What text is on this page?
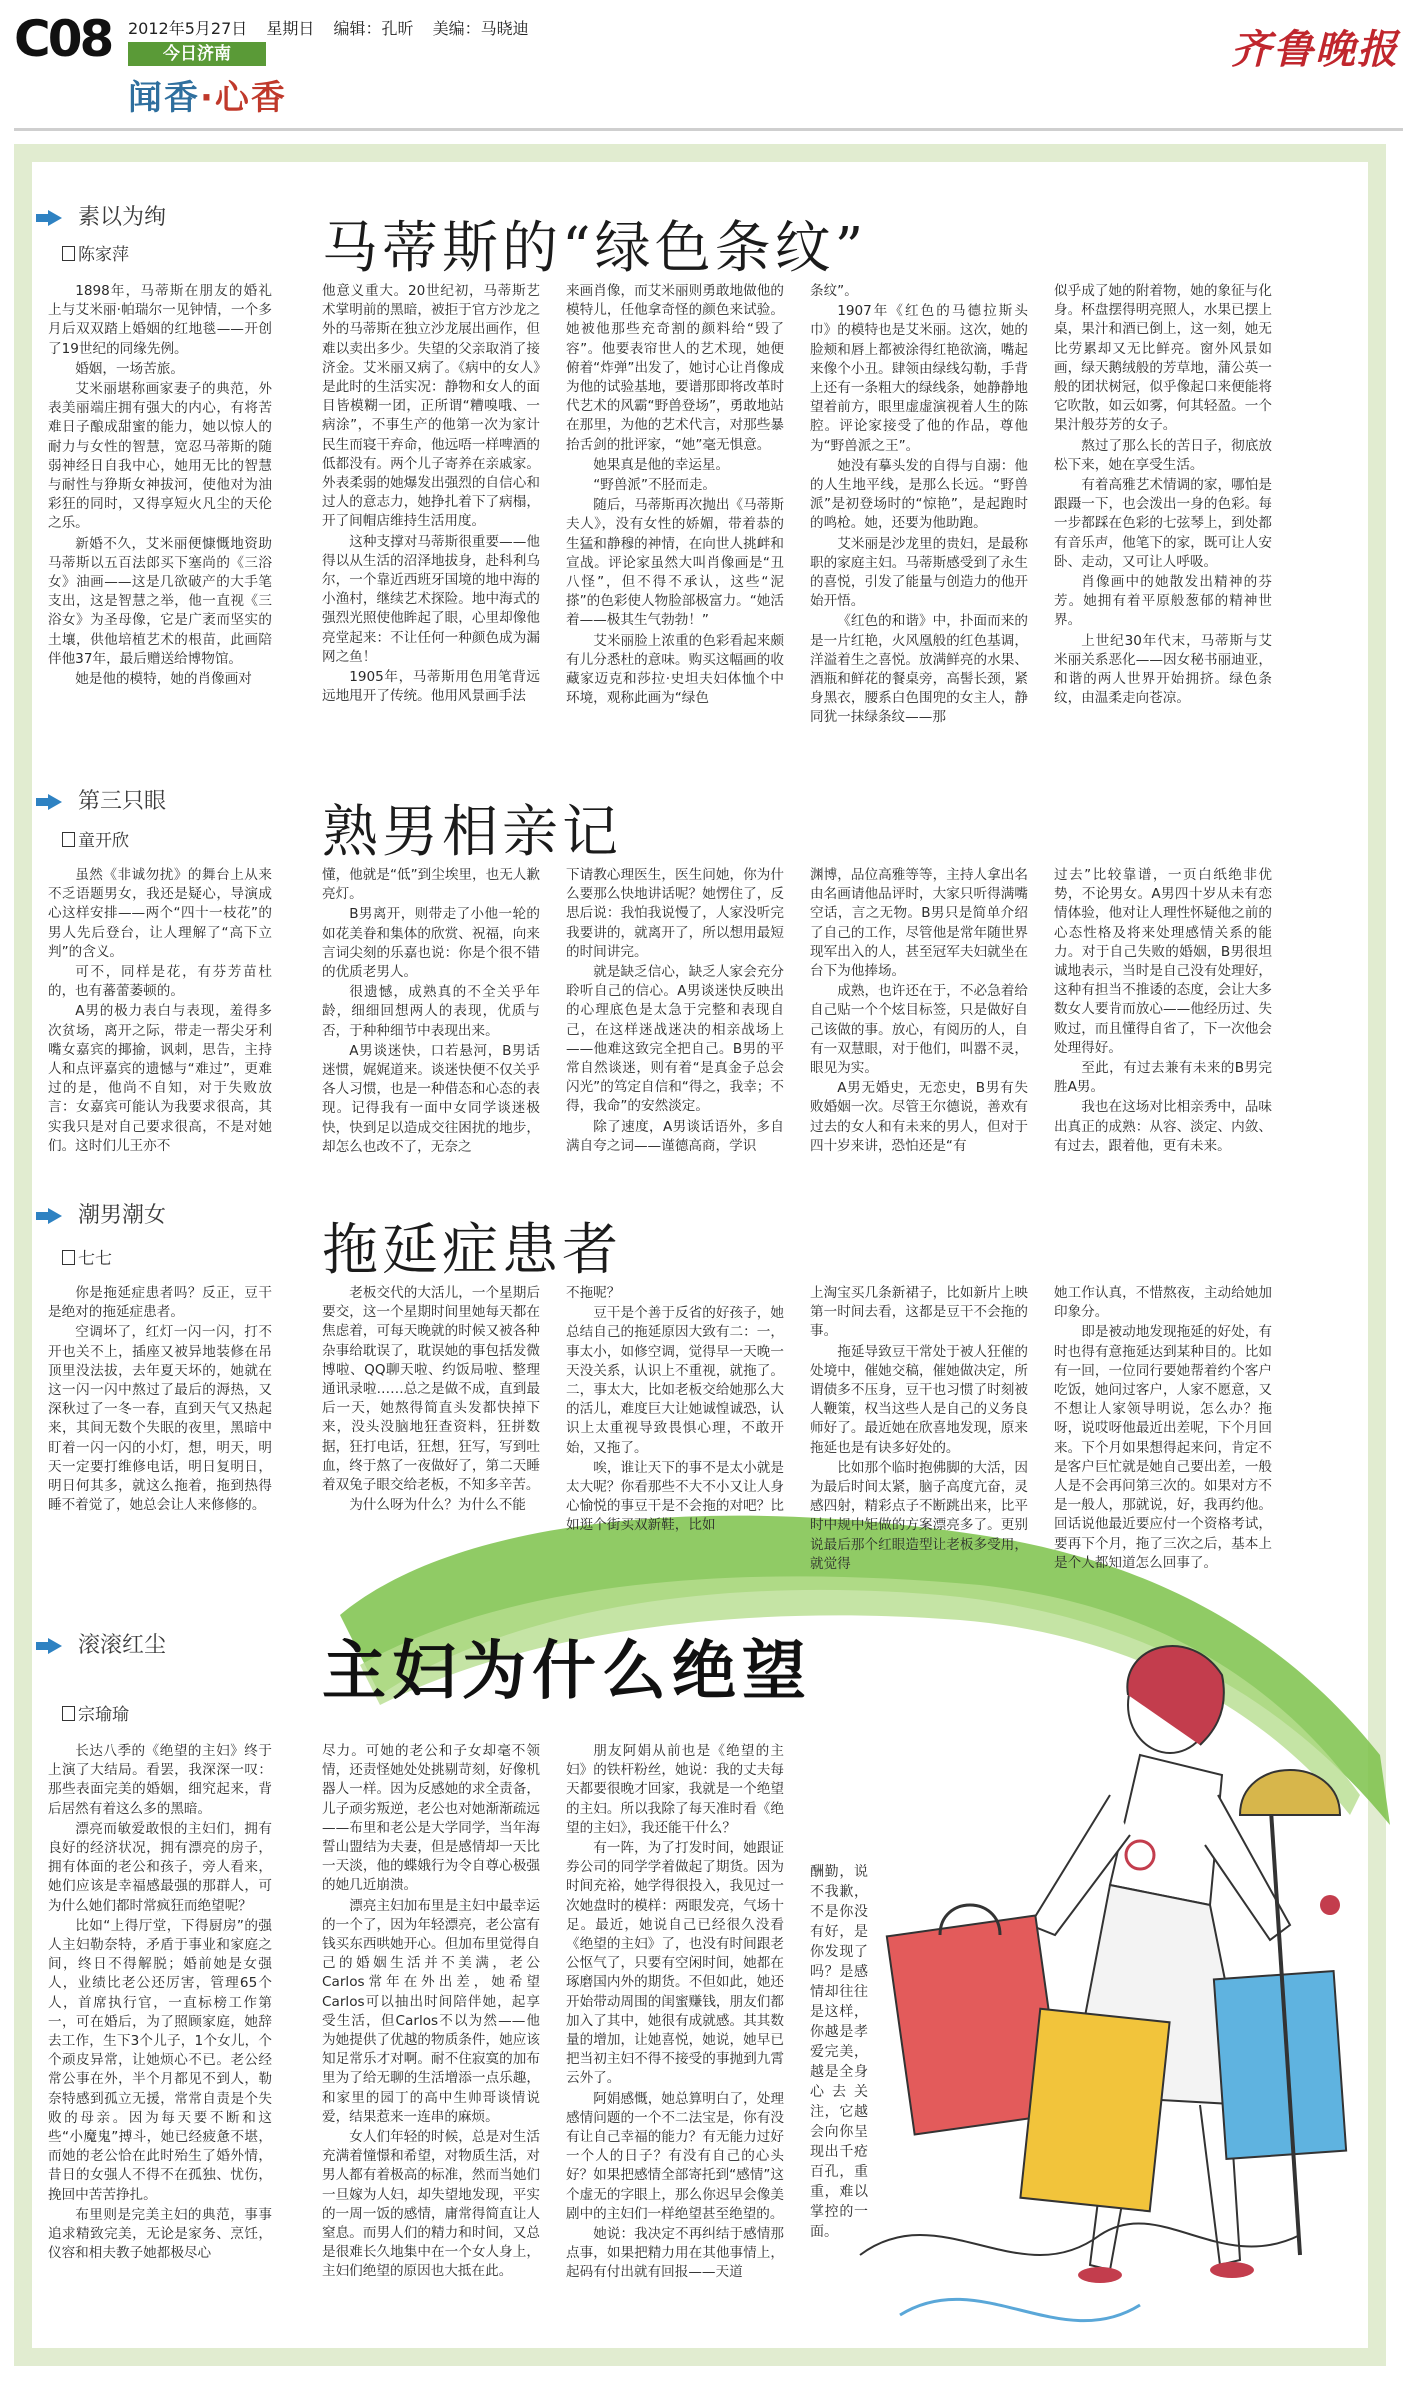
C08 2012年5月27日 星期日 编辑：孔昕 美编：马晓迪
今日济南
闻香·心香
齐鲁晚报
素以为绚
陈家萍	马蒂斯的“绿色条纹”

1898年，马蒂斯在朋友的婚礼上与艾米丽·帕瑞尔一见钟情，一个多月后双双踏上婚姻的红地毯——开创了19世纪的同缘先例。

婚姻，一场苦旅。

艾米丽堪称画家妻子的典范，外表美丽端庄拥有强大的内心，有将苦难日子酿成甜蜜的能力，她以惊人的耐力与女性的智慧，宽忍马蒂斯的随弱神经日自我中心，她用无比的智慧与耐性与狰斯女神拔河，使他对为油彩狂的同时，又得享短火凡尘的天伦之乐。

新婚不久，艾米丽便慷慨地资助马蒂斯以五百法郎买下塞尚的《三浴女》油画——这是几欲破产的大手笔支出，这是智慧之举，他一直视《三浴女》为圣母像，它是广袤而坚实的土壤，供他培植艺术的根苗，此画陪伴他37年，最后赠送给博物馆。

她是他的模特，她的肖像画对

他意义重大。20世纪初，马蒂斯艺术掌明前的黑暗，被拒于官方沙龙之外的马蒂斯在独立沙龙展出画作，但难以卖出多少。失望的父亲取消了接济金。艾米丽又病了。《病中的女人》是此时的生活实况：静物和女人的面目皆模糊一团，正所谓“糟嗅哦、一病涂”，不事生产的他第一次为家计民生而寝干弃命，他远唔一样啤酒的低都没有。两个儿子寄养在亲戚家。外表柔弱的她爆发出强烈的自信心和过人的意志力，她挣扎着下了病榻，开了间帽店维持生活用度。

这种支撑对马蒂斯很重要——他得以从生活的沼泽地拔身，赴科利乌尔，一个靠近西班牙国境的地中海的小渔村，继续艺术探险。地中海式的强烈光照使他眸起了眼，心里却像他亮堂起来：不让任何一种颜色成为漏网之鱼！

1905年，马蒂斯用色用笔背远远地甩开了传统。他用风景画手法

来画肖像，而艾米丽则勇敢地做他的模特儿，任他拿奇怪的颜色来试验。她被他那些充奇割的颜料给“毁了容”。他要表帘世人的艺术现，她便俯着“炸弹”出发了，她讨心让肖像成为他的试验基地，要谱那即将改革时代艺术的风霸“野兽登场”，勇敢地站在那里，为他的艺术代言，对那些暴抬舌剑的批评家，“她”毫无惧意。

她果真是他的幸运星。

“野兽派”不胫而走。

随后，马蒂斯再次抛出《马蒂斯夫人》，没有女性的娇媚，带着恭的生猛和静穆的神情，在向世人挑衅和宣战。评论家虽然大叫肖像画是“丑八怪”，但不得不承认，这些“泥搽”的色彩使人物脸部极富力。“她活着——极其生气勃勃！”

艾米丽脸上浓重的色彩看起来颇有儿分悉杜的意味。购买这幅画的收藏家迈克和莎拉·史坦夫妇体恤个中环境，观称此画为“绿色

条纹”。

1907年《红色的马德拉斯头巾》的模特也是艾米丽。这次，她的脸颊和唇上都被涂得红艳欲滴，嘴起来像个小丑。肆领由绿线勾勒，手背上还有一条粗大的绿线条，她静静地望着前方，眼里虚虚演视着人生的陈腔。评论家接受了他的作品，尊他为“野兽派之王”。

她没有摹头发的自得与自溺：他的人生地平线，是那么长远。“野兽派”是初登场时的“惊艳”，是起跑时的鸣枪。她，还要为他助跑。

艾米丽是沙龙里的贵妇，是最称职的家庭主妇。马蒂斯感受到了永生的喜悦，引发了能量与创造力的他开始开悟。

《红色的和谐》中，扑面而来的是一片红艳，火风凰般的红色基调，洋溢着生之喜悦。放满鲜亮的水果、酒瓶和鲜花的餐桌旁，高髻长颈，紧身黑衣，腰系白色围兜的女主人，静同犹一抹绿条纹——那

似乎成了她的附着物，她的象征与化身。杯盘摆得明亮照人，水果已摆上桌，果汁和酒已倒上，这一刻，她无比劳累却又无比鲜亮。窗外风景如画，绿天鹅绒般的芳草地，蒲公英一般的团状树冠，似乎像起口来便能将它吹散，如云如雾，何其轻盈。一个果汁般芬芳的女子。

熬过了那么长的苦日子，彻底放松下来，她在享受生活。

有着高雅艺术情调的家，哪怕是跟蹑一下，也会泼出一身的色彩。每一步都踩在色彩的七弦琴上，到处都有音乐声，他笔下的家，既可让人安卧、走动，又可让人呼吸。

肖像画中的她散发出精神的芬芳。她拥有着平原般葱郁的精神世界。

上世纪30年代末，马蒂斯与艾米丽关系恶化——因女秘书丽迪亚，和谐的两人世界开始拥挤。绿色条纹，由温柔走向苍凉。

第三只眼
童开欣	熟男相亲记

虽然《非诚勿扰》的舞台上从来不乏语题男女，我还是疑心，导演成心这样安排——两个“四十一枝花”的男人先后登台，让人理解了“高下立判”的含义。

可不，同样是花，有芬芳苗杜的，也有蕃蕾萎顿的。

A男的极力表白与表现，羞得多次贫场，离开之际，带走一帮尖牙利嘴女嘉宾的揶揄，讽刺，思告，主持人和点评嘉宾的遗憾与“难过”，更难过的是，他尚不自知，对于失败放言：女嘉宾可能认为我要求很高，其实我只是对自己要求很高，不是对她们。这时们儿王亦不

懂，他就是“低”到尘埃里，也无人歉亮灯。

B男离开，则带走了小他一轮的如花美眷和集体的欣赏、祝福，向来言词尖刻的乐嘉也说：你是个很不错的优质老男人。

很遗憾，成熟真的不全关乎年龄，细细回想两人的表现，优质与否，于种种细节中表现出来。

A男谈迷快，口若悬河，B男话迷惯，娓娓道来。谈迷快便不仅关乎各人习惯，也是一种借态和心态的表现。记得我有一面中女同学谈迷极快，快到足以造成交往困扰的地步，却怎么也改不了，无奈之

下请教心理医生，医生问她，你为什么要那么快地讲话呢？她愣住了，反思后说：我怕我说慢了，人家没听完我要讲的，就离开了，所以想用最短的时间讲完。

就是缺乏信心，缺乏人家会充分聆听自己的信心。A男谈迷快反映出的心理底色是太急于完整和表现自己，在这样迷战迷决的相亲战场上——他难这致完全把自己。B男的平常自然谈迷，则有着“是真金子总会闪光”的笃定自信和“得之，我幸；不得，我命”的安然淡定。

除了速度，A男谈话语外，多自满自夸之词——谨德高商，学识

渊博，品位高雅等等，主持人拿出名由名画请他品评时，大家只听得满嘴空话，言之无物。B男只是简单介绍了自己的工作，尽管他是常年随世界现军出入的人，甚至冠军夫妇就坐在台下为他捧场。

成熟，也许还在于，不必急着给自己贴一个个炫目标签，只是做好自己该做的事。放心，有阅历的人，自有一双慧眼，对于他们，叫嚣不灵，眼见为实。

A男无婚史，无恋史，B男有失败婚姻一次。尽管王尔德说，善欢有过去的女人和有未来的男人，但对于四十岁来讲，恐怕还是“有

过去”比较靠谱，一页白纸绝非优势，不论男女。A男四十岁从未有恋情体验，他对让人理性怀疑他之前的心态性格及将来处理感情关系的能力。对于自己失败的婚姻，B男很坦诚地表示，当时是自己没有处理好，这种有担当不推诿的态度，会让大多数女人要肯而放心——他经历过、失败过，而且懂得自省了，下一次他会处理得好。

至此，有过去兼有未来的B男完胜A男。

我也在这场对比相亲秀中，品味出真正的成熟：从容、淡定、内敛、有过去，跟着他，更有未来。

潮男潮女
七七	拖延症患者

你是拖延症患者吗？反正，豆干是绝对的拖延症患者。

空调坏了，红灯一闪一闪，打不开也关不上，插座又被异地装修在吊顶里没法拔，去年夏天坏的，她就在这一闪一闪中熬过了最后的溽热，又深秋过了一冬一春，直到天气又热起来，其间无数个失眠的夜里，黑暗中盯着一闪一闪的小灯，想，明天，明天一定要打维修电话，明日复明日，明日何其多，就这么拖着，拖到热得睡不着觉了，她总会让人来修修的。

老板交代的大活儿，一个星期后要交，这一个星期时间里她每天都在焦虑着，可每天晚就的时候又被各种杂事给耽误了，耽误她的事包括发微博啦、QQ聊天啦、约饭局啦、整理通讯录啦……总之是做不成，直到最后一天，她熬得简直头发都快掉下来，没头没脑地狂查资料，狂拼数据，狂打电话，狂想，狂写，写到吐血，终于熬了一夜做好了，第二天睡着双兔子眼交给老板，不知多辛苦。

为什么呀为什么？为什么不能

不拖呢？

豆干是个善于反省的好孩子，她总结自己的拖延原因大致有二：一，事太小，如修空调，觉得早一天晚一天没关系，认识上不重视，就拖了。二，事太大，比如老板交给她那么大的活儿，难度巨大让她诚惶诚恐，认识上太重视导致畏惧心理，不敢开始，又拖了。

唉，谁让天下的事不是太小就是太大呢？你看那些不大不小又让人身心愉悦的事豆干是不会拖的对吧？比如逛个街买双新鞋，比如

上淘宝买几条新裙子，比如新片上映第一时间去看，这都是豆干不会拖的事。

拖延导致豆干常处于被人狂催的处境中，催她交稿，催她做决定，所谓债多不压身，豆干也习惯了时刻被人鞭策，权当这些人是自己的义务良师好了。最近她在欣喜地发现，原来拖延也是有诀多好处的。

比如那个临时抱佛脚的大活，因为最后时间太紧，脑子高度亢奋，灵感四射，精彩点子不断跳出来，比平时中规中矩做的方案漂亮多了。更别说最后那个红眼造型让老板多受用，就觉得

她工作认真，不惜熬夜，主动给她加印象分。

即是被动地发现拖延的好处，有时也得有意拖延达到某种目的。比如有一回，一位同行要她帮着约个客户吃饭，她问过客户，人家不愿意，又不想让人家领导明说，怎么办？拖呀，说哎呀他最近出差呢，下个月回来。下个月如果想得起来问，肯定不是客户巨忙就是她自己要出差，一般人是不会再问第三次的。如果对方不是一般人，那就说，好，我再约他。回话说他最近要应付一个资格考试，要再下个月，拖了三次之后，基本上是个人都知道怎么回事了。

滚滚红尘
宗瑜瑜
主妇为什么绝望

长达八季的《绝望的主妇》终于上演了大结局。看罢，我深深一叹：那些表面完美的婚姻，细究起来，背后居然有着这么多的黑暗。

漂亮而敏爱敢恨的主妇们，拥有良好的经济状况，拥有漂亮的房子，拥有体面的老公和孩子，旁人看来，她们应该是幸福感最强的那群人，可为什么她们都时常疯狂而绝望呢？

比如“上得厅堂，下得厨房”的强人主妇勒奈特，矛盾于事业和家庭之间，终日不得解脱；婚前她是女强人，业绩比老公还厉害，管理65个人，首席执行官，一直标榜工作第一，可在婚后，为了照顾家庭，她辞去工作，生下3个儿子，1个女儿，个个顽皮异常，让她烦心不已。老公经常公事在外，半个月都见不到人，勒奈特感到孤立无援，常常自责是个失败的母亲。因为每天要不断和这些“小魔鬼”搏斗，她已经疲惫不堪，而她的老公恰在此时殆生了婚外情，昔日的女强人不得不在孤独、忧伤，挽回中苦苦挣扎。

布里则是完美主妇的典范，事事追求精致完美，无论是家务、烹饪，仪容和相夫教子她都极尽心

尽力。可她的老公和子女却毫不领情，还责怪她处处挑剔苛刻，好像机器人一样。因为反感她的求全责备，儿子顽劣叛逆，老公也对她渐渐疏远——布里和老公是大学同学，当年海誓山盟结为夫妻，但是感情却一天比一天淡，他的蝶娥行为令自尊心极强的她几近崩溃。

漂亮主妇加布里是主妇中最幸运的一个了，因为年轻漂亮，老公富有钱买东西哄她开心。但加布里觉得自己的婚姻生活并不美满，老公Carlos常年在外出差，她希望Carlos可以抽出时间陪伴她，起享受生活，但Carlos不以为然——他为她提供了优越的物质条件，她应该知足常乐才对啊。耐不住寂寞的加布里为了给无聊的生活增添一点乐趣，和家里的园丁的高中生帅哥谈情说爱，结果惹来一连串的麻烦。

女人们年轻的时候，总是对生活充满着憧憬和希望，对物质生活，对男人都有着极高的标准，然而当她们一旦嫁为人妇，却失望地发现，平实的一周一饭的感情，庸常得简直让人窒息。而男人们的精力和时间，又总是很难长久地集中在一个女人身上，主妇们绝望的原因也大抵在此。

朋友阿娟从前也是《绝望的主妇》的铁杆粉丝，她说：我的丈夫每天都要很晚才回家，我就是一个绝望的主妇。所以我除了每天准时看《绝望的主妇》，我还能干什么？

有一阵，为了打发时间，她跟证券公司的同学学着做起了期货。因为时间充裕，她学得很投入，我见过一次她盘时的模样：两眼发亮，气场十足。最近，她说自己已经很久没看《绝望的主妇》了，也没有时间跟老公怄气了，只要有空闲时间，她都在琢磨国内外的期货。不但如此，她还开始带动周围的闺蜜赚钱，朋友们都加入了其中，她很有成就感。其其数量的增加，让她喜悦，她说，她早已把当初主妇不得不接受的事抛到九霄云外了。

阿娟感慨，她总算明白了，处理感情问题的一个不二法宝是，你有没有让自己幸福的能力？有无能力过好一个人的日子？有没有自己的心头好？如果把感情全部寄托到“感情”这个虚无的字眼上，那么你迟早会像美剧中的主妇们一样绝望甚至绝望的。

她说：我决定不再纠结于感情那点事，如果把精力用在其他事情上，起码有付出就有回报——天道

酬勤，说不我歉，不是你没有好，是你发现了吗？是感情却往往是这样，你越是孝爱完美，越是全身心去关注，它越会向你呈现出千疮百孔，重重，难以掌控的一面。
